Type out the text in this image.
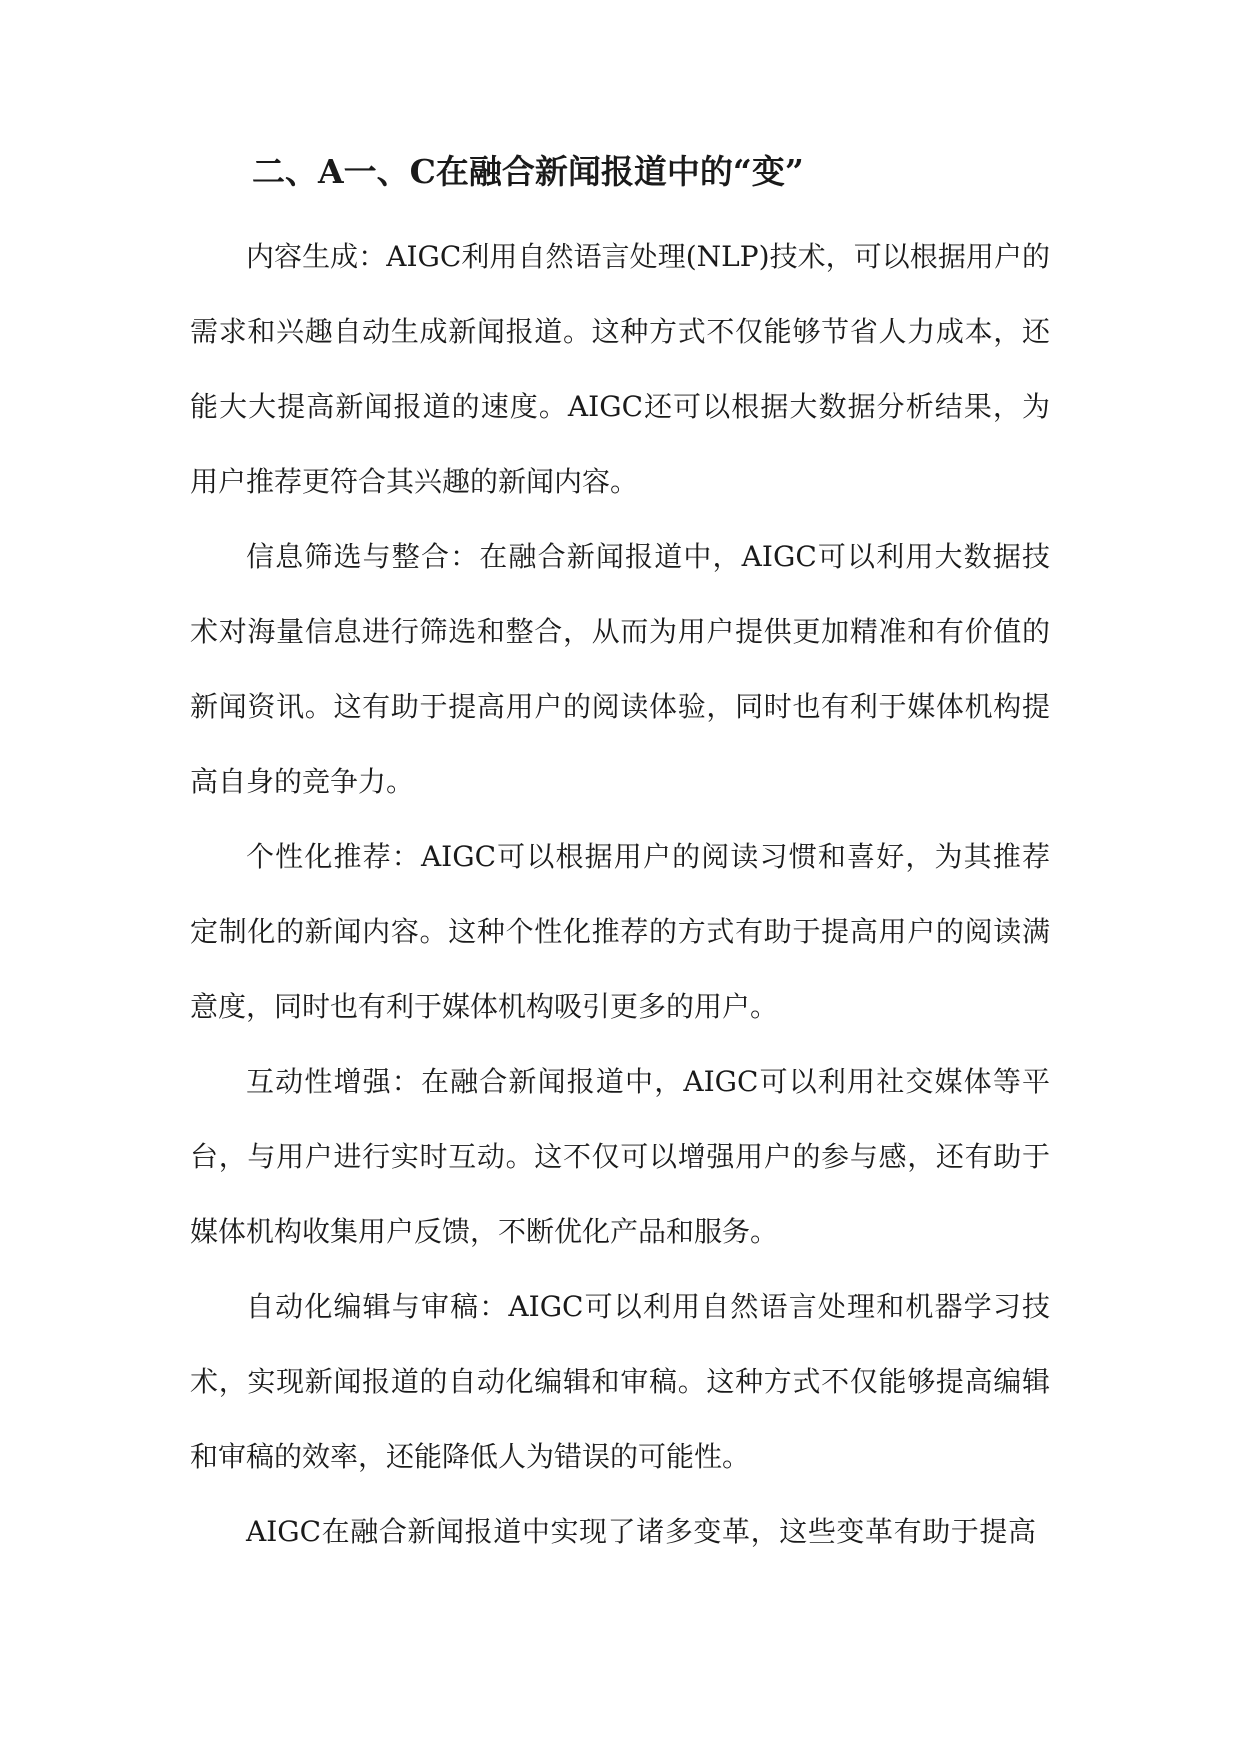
二、A一、C在融合新闻报道中的“变”
内容生成：AIGC利用自然语言处理(NLP)技术，可以根据用户的
需求和兴趣自动生成新闻报道。这种方式不仅能够节省人力成本，还
能大大提高新闻报道的速度。AIGC还可以根据大数据分析结果，为
用户推荐更符合其兴趣的新闻内容。
信息筛选与整合：在融合新闻报道中，AIGC可以利用大数据技
术对海量信息进行筛选和整合，从而为用户提供更加精准和有价值的
新闻资讯。这有助于提高用户的阅读体验，同时也有利于媒体机构提
高自身的竞争力。
个性化推荐：AIGC可以根据用户的阅读习惯和喜好，为其推荐
定制化的新闻内容。这种个性化推荐的方式有助于提高用户的阅读满
意度，同时也有利于媒体机构吸引更多的用户。
互动性增强：在融合新闻报道中，AIGC可以利用社交媒体等平
台，与用户进行实时互动。这不仅可以增强用户的参与感，还有助于
媒体机构收集用户反馈，不断优化产品和服务。
自动化编辑与审稿：AIGC可以利用自然语言处理和机器学习技
术，实现新闻报道的自动化编辑和审稿。这种方式不仅能够提高编辑
和审稿的效率，还能降低人为错误的可能性。
AIGC在融合新闻报道中实现了诸多变革，这些变革有助于提高
